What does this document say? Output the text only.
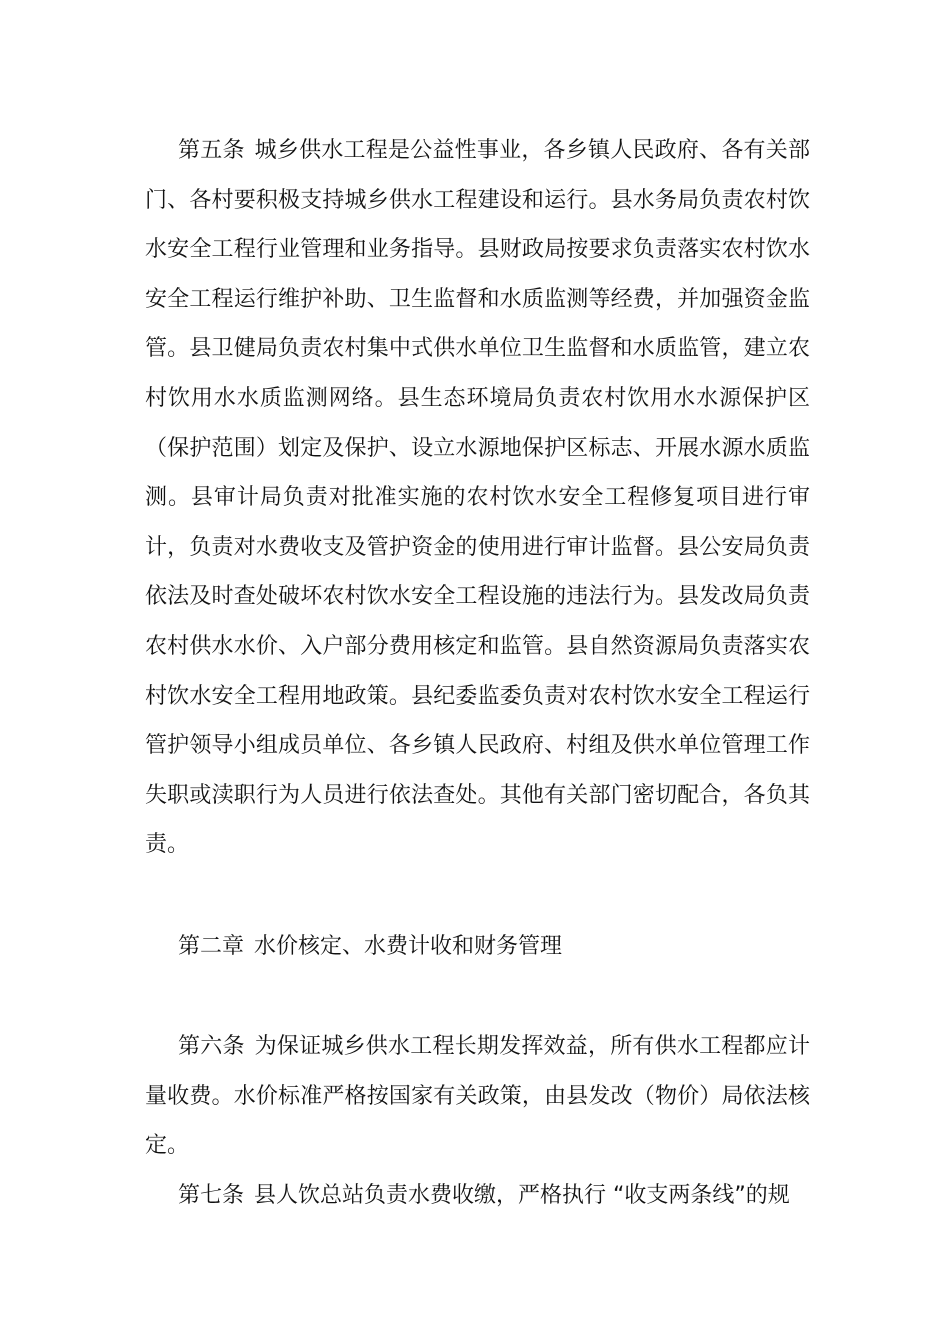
第五条 城乡供水工程是公益性事业，各乡镇人民政府、各有关部门、各村要积极支持城乡供水工程建设和运行。县水务局负责农村饮水安全工程行业管理和业务指导。县财政局按要求负责落实农村饮水安全工程运行维护补助、卫生监督和水质监测等经费，并加强资金监管。县卫健局负责农村集中式供水单位卫生监督和水质监管，建立农村饮用水水质监测网络。县生态环境局负责农村饮用水水源保护区（保护范围）划定及保护、设立水源地保护区标志、开展水源水质监测。县审计局负责对批准实施的农村饮水安全工程修复项目进行审计，负责对水费收支及管护资金的使用进行审计监督。县公安局负责依法及时查处破坏农村饮水安全工程设施的违法行为。县发改局负责农村供水水价、入户部分费用核定和监管。县自然资源局负责落实农村饮水安全工程用地政策。县纪委监委负责对农村饮水安全工程运行管护领导小组成员单位、各乡镇人民政府、村组及供水单位管理工作失职或渎职行为人员进行依法查处。其他有关部门密切配合，各负其责。

第二章 水价核定、水费计收和财务管理

第六条 为保证城乡供水工程长期发挥效益，所有供水工程都应计量收费。水价标准严格按国家有关政策，由县发改（物价）局依法核定。

第七条 县人饮总站负责水费收缴，严格执行 “收支两条线”的规
